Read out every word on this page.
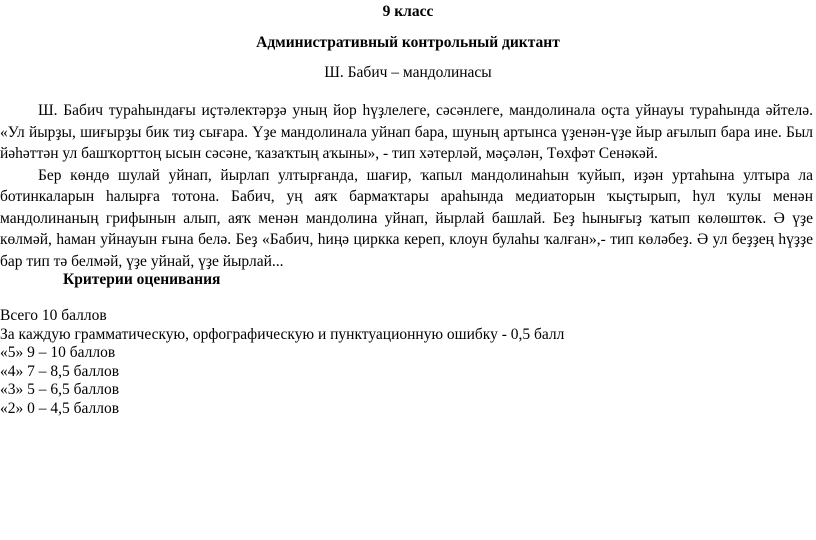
9 класс
Административный контрольный диктант
Ш. Бабич – мандолинасы

Ш. Бабич тураһындағы иҫтәлектәрҙә уның йор һүҙлелеге, сәсәнлеге, мандолинала оҫта уйнауы тураһында әйтелә. «Ул йырҙы, шиғырҙы бик тиҙ сығара. Үҙе мандолинала уйнап бара, шуның артынса үҙенән-үҙе йыр ағылып бара ине. Был йәһәттән ул башҡорттоң ысын сәсәне, ҡазаҡтың аҡыны», - тип хәтерләй, мәҫәлән, Төхфәт Сенәкәй.

Бер көндө шулай уйнап, йырлап ултырғанда, шағир, ҡапыл мандолинаһын ҡуйып, иҙән уртаһына ултыра ла ботинкаларын һалырға тотона. Бабич, уң аяҡ бармаҡтары араһында медиаторын ҡыҫтырып, һул ҡулы менән мандолинаның грифынын алып, аяҡ менән мандолина уйнап, йырлай башлай. Беҙ һынығыҙ ҡатып көлөштөк. Ә үҙе көлмәй, һаман уйнауын ғына белә. Беҙ «Бабич, һиңә циркка кереп, клоун булаһы ҡалған»,- тип көләбеҙ. Ә ул беҙҙең һүҙҙе бар тип тә белмәй, үҙе уйнай, үҙе йырлай...

Критерии оценивания
Всего 10 баллов
За каждую грамматическую, орфографическую и пунктуационную ошибку - 0,5 балл
«5» 9 – 10 баллов
«4» 7 – 8,5 баллов
«3» 5 – 6,5 баллов
«2» 0 – 4,5 баллов
